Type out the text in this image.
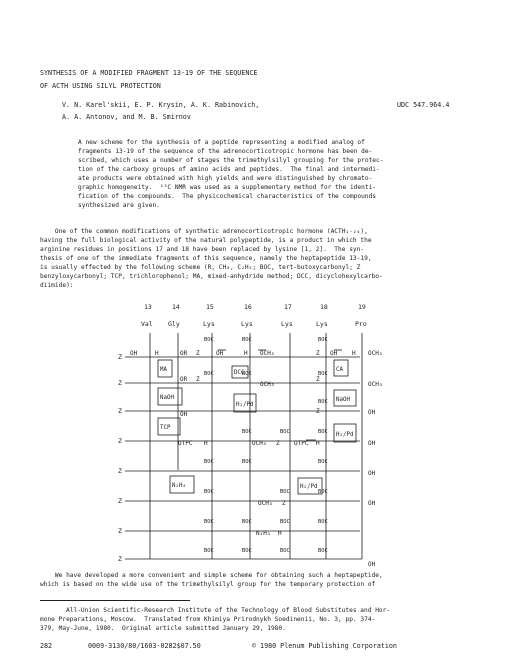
SYNTHESIS OF A MODIFIED FRAGMENT 13-19 OF THE SEQUENCE
OF ACTH USING SILYL PROTECTION
V. N. Karel'skii, E. P. Krysin, A. K. Rabinovich,
A. A. Antonov, and M. B. Smirnov
UDC 547.964.4
A new scheme for the synthesis of a peptide representing a modified analog of
fragments 13-19 of the sequence of the adrenocorticotropic hormone has been de-
scribed, which uses a number of stages the trimethylsilyl grouping for the protec-
tion of the carboxy groups of amino acids and peptides.  The final and intermedi-
ate products were obtained with high yields and were distinguished by chromato-
graphic homogeneity.  ¹³C NMR was used as a supplementary method for the identi-
fication of the compounds.  The physicochemical characteristics of the compounds
synthesized are given.
One of the common modifications of synthetic adrenocorticotropic hormone (ACTH₁₋₂₄),
having the full biological activity of the natural polypeptide, is a product in which the
arginine residues in positions 17 and 18 have been replaced by lysine [1, 2].  The syn-
thesis of one of the immediate fragments of this sequence, namely the heptapeptide 13-19,
is usually effected by the following scheme (R, CH₃, C₂H₅; BOC, tert-butoxycarbonyl; Z
benzyloxycarbonyl; TCP, trichlorophenol; MA, mixed-anhydride method; DCC, dicyclohexylcarbo-
diimide):
13	14	15	16	17	18	19
Val Gly	Lys	Lys	Lys	Lys	Pro
Z
Z
Z
Z
Z
Z
Z
Z
BOC	BOC	BOC
BOC	BOC	BOC
BOC
BOC	BOC	BOC
BOC	BOC	BOC
BOC	BOC	BOC
BOC	BOC	BOC	BOC
BOC	BOC	BOC	BOC
OH	H	OR Z	OH	H OCH₃	Z OH H OCH₃
OR Z
OCH₃
Z
OCH₃
OH	Z	OH
OTPC H	OCH₃ Z OTPC H	OH
OCH₃ Z
OH
N₂H₃ H
OH
OH
MA	DCC	CA
NaOH
H₂/Pd
NaOH
TCP
H₂/Pd
N₂H₄	H₂/Pd
We have developed a more convenient and simple scheme for obtaining such a heptapeptide,
which is based on the wide use of the trimethylsilyl group for the temporary protection of
All-Union Scientific-Research Institute of the Technology of Blood Substitutes and Hor-
mone Preparations, Moscow.  Translated from Khimiya Prirodnykh Soedinenii, No. 3, pp. 374-
379, May-June, 1980.  Original article submitted January 29, 1980.
282	0009-3130/80/1603-0282$07.50	© 1980 Plenum Publishing Corporation
